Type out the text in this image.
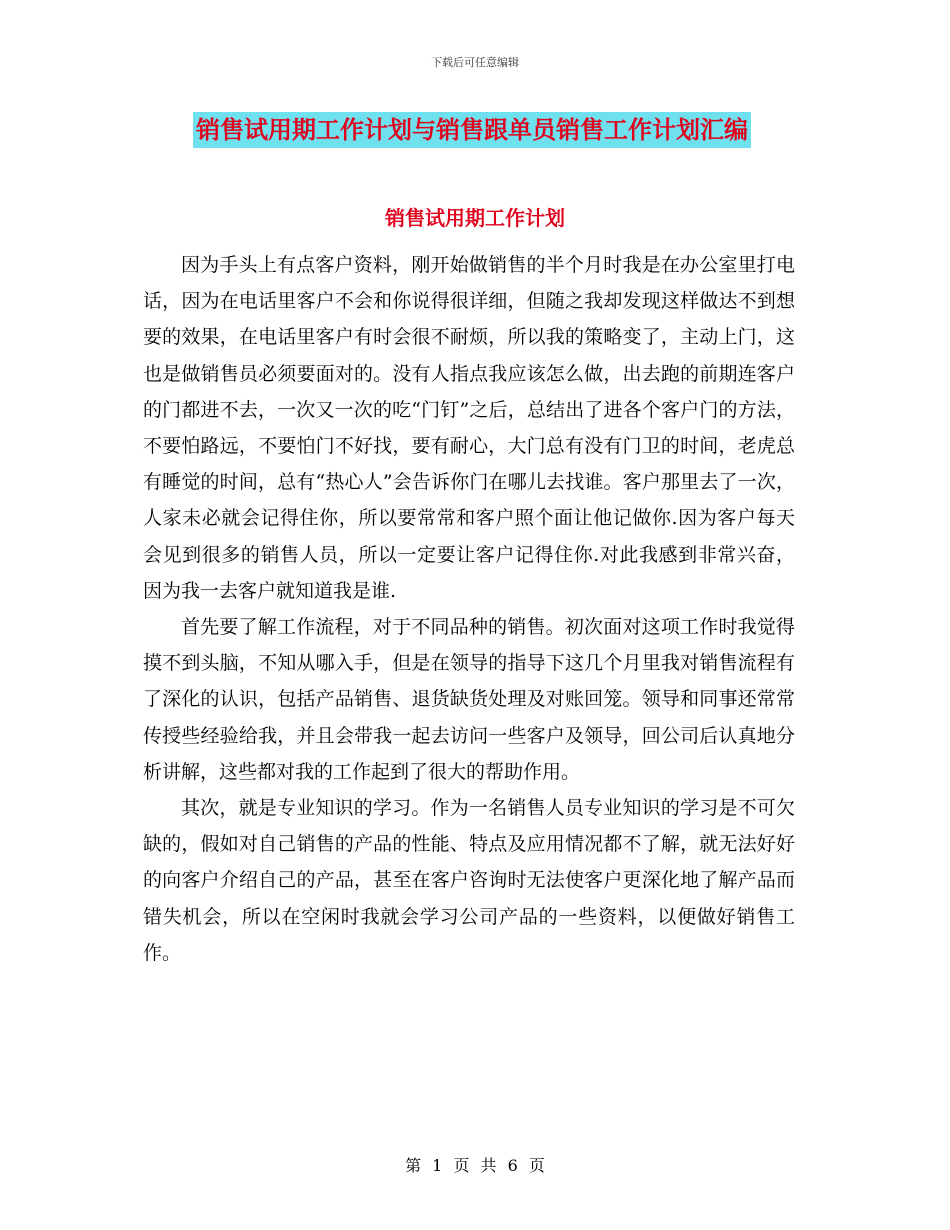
下载后可任意编辑
销售试用期工作计划与销售跟单员销售工作计划汇编
销售试用期工作计划

因为手头上有点客户资料，刚开始做销售的半个月时我是在办公室里打电话，因为在电话里客户不会和你说得很详细，但随之我却发现这样做达不到想要的效果，在电话里客户有时会很不耐烦，所以我的策略变了，主动上门，这也是做销售员必须要面对的。没有人指点我应该怎么做，出去跑的前期连客户的门都进不去，一次又一次的吃“门钉”之后，总结出了进各个客户门的方法，不要怕路远，不要怕门不好找，要有耐心，大门总有没有门卫的时间，老虎总有睡觉的时间，总有“热心人”会告诉你门在哪儿去找谁。客户那里去了一次，人家未必就会记得住你，所以要常常和客户照个面让他记做你.因为客户每天会见到很多的销售人员，所以一定要让客户记得住你.对此我感到非常兴奋，因为我一去客户就知道我是谁.

首先要了解工作流程，对于不同品种的销售。初次面对这项工作时我觉得摸不到头脑，不知从哪入手，但是在领导的指导下这几个月里我对销售流程有了深化的认识，包括产品销售、退货缺货处理及对账回笼。领导和同事还常常传授些经验给我，并且会带我一起去访问一些客户及领导，回公司后认真地分析讲解，这些都对我的工作起到了很大的帮助作用。

其次，就是专业知识的学习。作为一名销售人员专业知识的学习是不可欠缺的，假如对自己销售的产品的性能、特点及应用情况都不了解，就无法好好的向客户介绍自己的产品，甚至在客户咨询时无法使客户更深化地了解产品而错失机会，所以在空闲时我就会学习公司产品的一些资料，以便做好销售工作。

第 1 页 共 6 页
